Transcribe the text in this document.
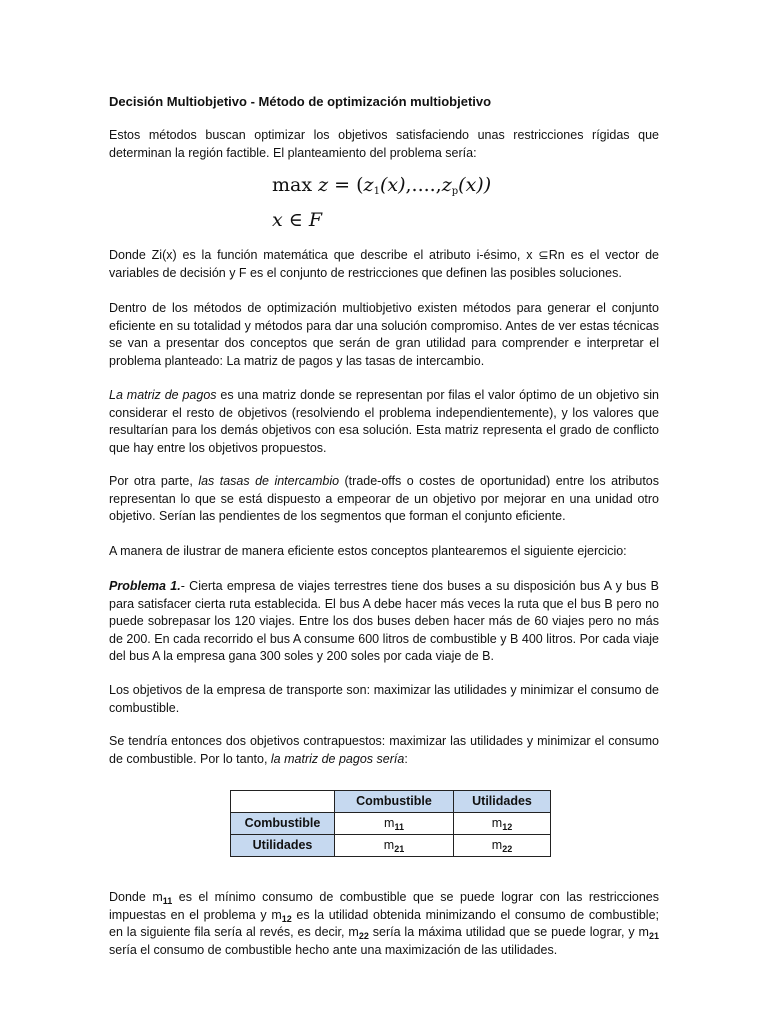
Decisión Multiobjetivo - Método de optimización multiobjetivo
Estos métodos buscan optimizar los objetivos satisfaciendo unas restricciones rígidas que determinan la región factible. El planteamiento del problema sería:
$\max z = (z_1(x),....,z_p(x))$
x ∈ F
Donde Zi(x) es la función matemática que describe el atributo i-ésimo, x ⊆Rn es el vector de
variables de decisión y F es el conjunto de restricciones que definen las posibles soluciones.
Dentro de los métodos de optimización multiobjetivo existen métodos para generar el conjunto eficiente en su totalidad y métodos para dar una solución compromiso. Antes de ver estas técnicas se van a presentar dos conceptos que serán de gran utilidad para comprender e interpretar el problema planteado: La matriz de pagos y las tasas de intercambio.
La matriz de pagos es una matriz donde se representan por filas el valor óptimo de un objetivo sin considerar el resto de objetivos (resolviendo el problema independientemente), y los valores que resultarían para los demás objetivos con esa solución. Esta matriz representa el grado de conflicto que hay entre los objetivos propuestos.
Por otra parte, las tasas de intercambio (trade-offs o costes de oportunidad) entre los atributos representan lo que se está dispuesto a empeorar de un objetivo por mejorar en una unidad otro objetivo. Serían las pendientes de los segmentos que forman el conjunto eficiente.
A manera de ilustrar de manera eficiente estos conceptos plantearemos el siguiente ejercicio:
Problema 1.- Cierta empresa de viajes terrestres tiene dos buses a su disposición bus A y bus B para satisfacer cierta ruta establecida. El bus A debe hacer más veces la ruta que el bus B pero no puede sobrepasar los 120 viajes. Entre los dos buses deben hacer más de 60 viajes pero no más de 200. En cada recorrido el bus A consume 600 litros de combustible y B 400 litros. Por cada viaje del bus A la empresa gana 300 soles y 200 soles por cada viaje de B.
Los objetivos de la empresa de transporte son: maximizar las utilidades y minimizar el consumo de combustible.
Se tendría entonces dos objetivos contrapuestos: maximizar las utilidades y minimizar el consumo de combustible. Por lo tanto, la matriz de pagos sería:
	Combustible	Utilidades
Combustible	$m_{11}$	$m_{12}$
Utilidades	$m_{21}$	$m_{22}$
Donde $m_{11}$ es el mínimo consumo de combustible que se puede lograr con las restricciones impuestas en el problema y $m_{12}$ es la utilidad obtenida minimizando el consumo de combustible; en la siguiente fila sería al revés, es decir, $m_{22}$ sería la máxima utilidad que se puede lograr, y $m_{21}$ sería el consumo de combustible hecho ante una maximización de las utilidades.
